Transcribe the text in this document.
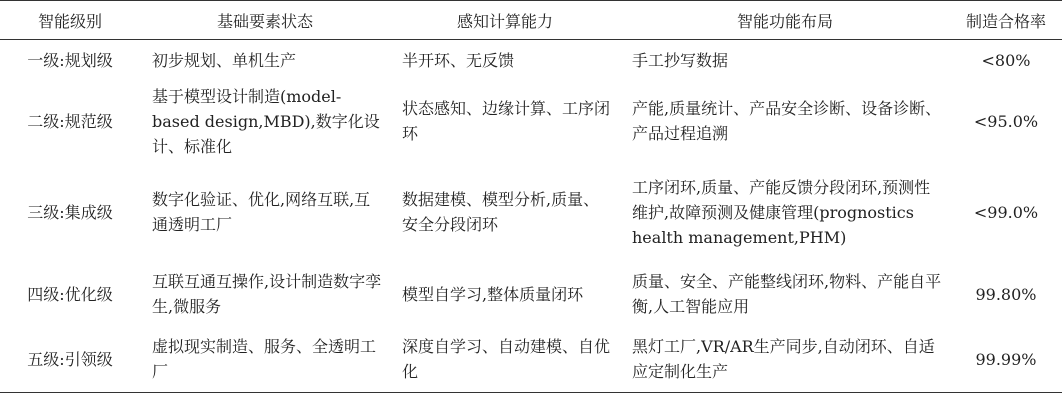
智能级别	基础要素状态	感知计算能力	智能功能布局	制造合格率
一级:规划级	初步规划、单机生产	半开环、无反馈	手工抄写数据	<80%
二级:规范级	基于模型设计制造(model-based design,MBD),数字化设计、标准化	状态感知、边缘计算、工序闭环	产能,质量统计、产品安全诊断、设备诊断、产品过程追溯	<95.0%
三级:集成级	数字化验证、优化,网络互联,互通透明工厂	数据建模、模型分析,质量、安全分段闭环	工序闭环,质量、产能反馈分段闭环,预测性维护,故障预测及健康管理(prognostics health management,PHM)	<99.0%
四级:优化级	互联互通互操作,设计制造数字孪生,微服务	模型自学习,整体质量闭环	质量、安全、产能整线闭环,物料、产能自平衡,人工智能应用	99.80%
五级:引领级	虚拟现实制造、服务、全透明工厂	深度自学习、自动建模、自优化	黑灯工厂,VR/AR生产同步,自动闭环、自适应定制化生产	99.99%
